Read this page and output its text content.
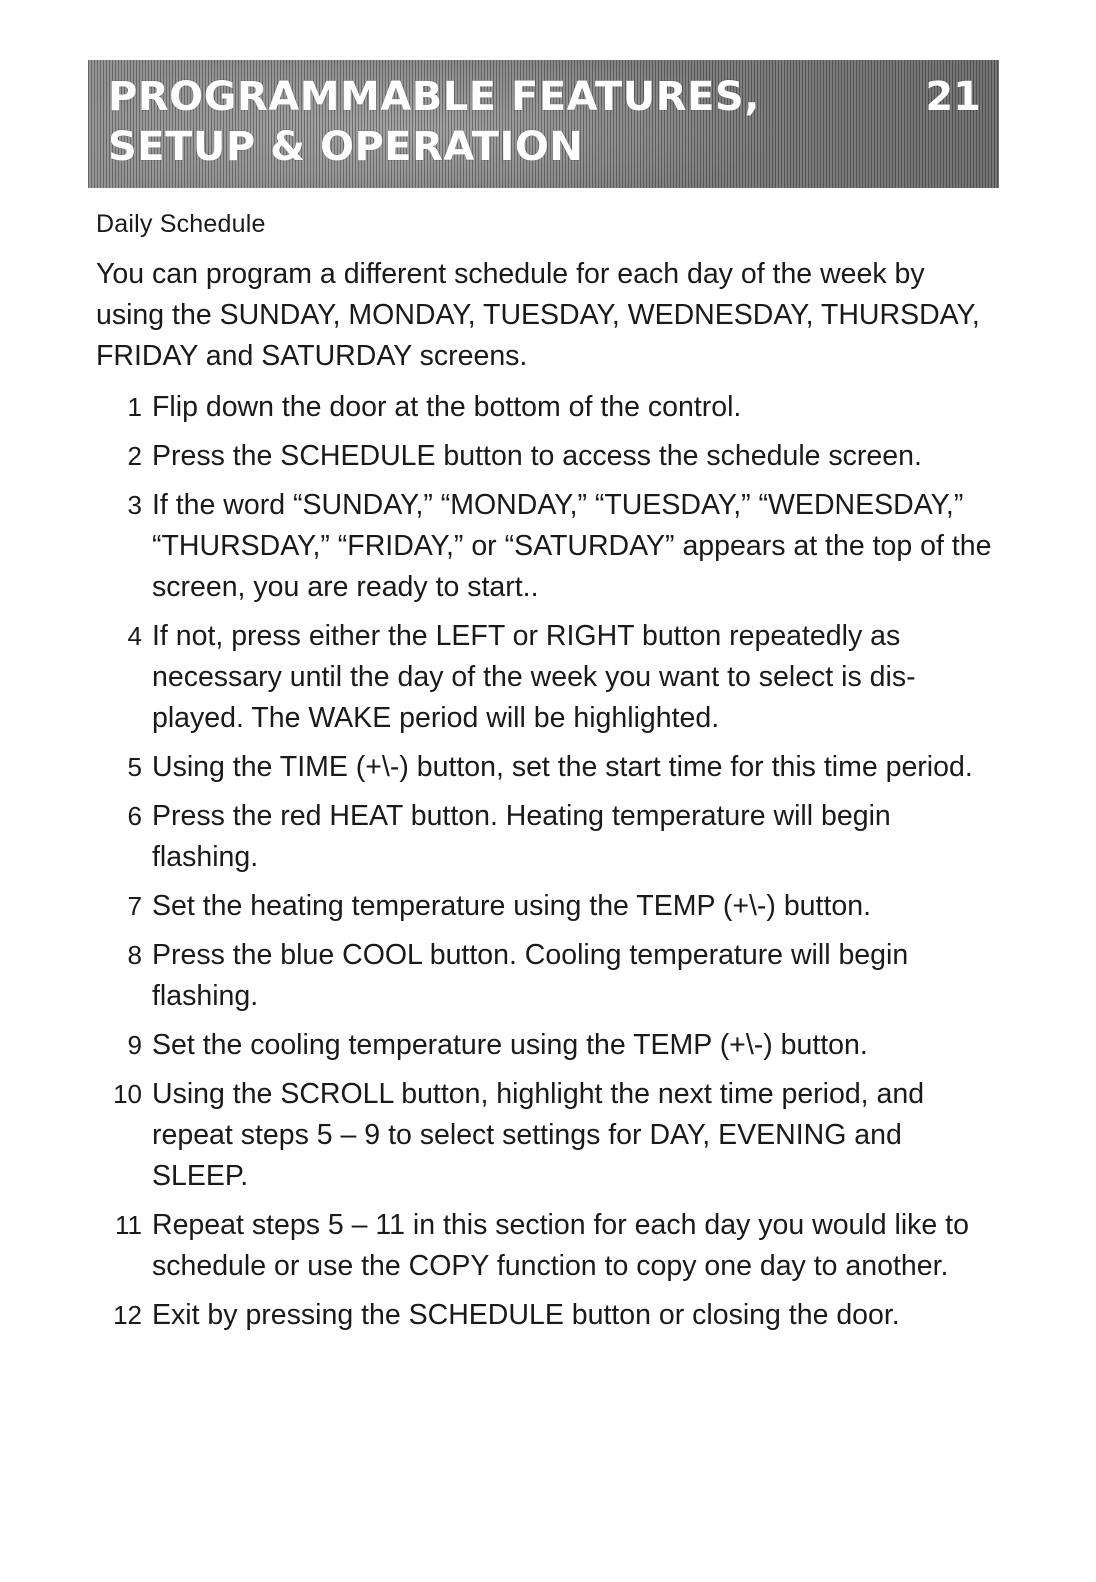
PROGRAMMABLE FEATURES,
SETUP & OPERATION
21
Daily Schedule

You can program a different schedule for each day of the week by using the SUNDAY, MONDAY, TUESDAY, WEDNESDAY, THURSDAY, FRIDAY and SATURDAY screens.

1 Flip down the door at the bottom of the control.
2 Press the SCHEDULE button to access the schedule screen.
3 If the word “SUNDAY,” “MONDAY,” “TUESDAY,” “WEDNESDAY,” “THURSDAY,” “FRIDAY,” or “SATURDAY” appears at the top of the screen, you are ready to start..
4 If not, press either the LEFT or RIGHT button repeatedly as necessary until the day of the week you want to select is dis- played. The WAKE period will be highlighted.
5 Using the TIME (+\-) button, set the start time for this time period.
6 Press the red HEAT button. Heating temperature will begin flashing.
7 Set the heating temperature using the TEMP (+\-) button.
8 Press the blue COOL button. Cooling temperature will begin flashing.
9 Set the cooling temperature using the TEMP (+\-) button.
10 Using the SCROLL button, highlight the next time period, and repeat steps 5 – 9 to select settings for DAY, EVENING and SLEEP.
11 Repeat steps 5 – 11 in this section for each day you would like to schedule or use the COPY function to copy one day to another.
12 Exit by pressing the SCHEDULE button or closing the door.
